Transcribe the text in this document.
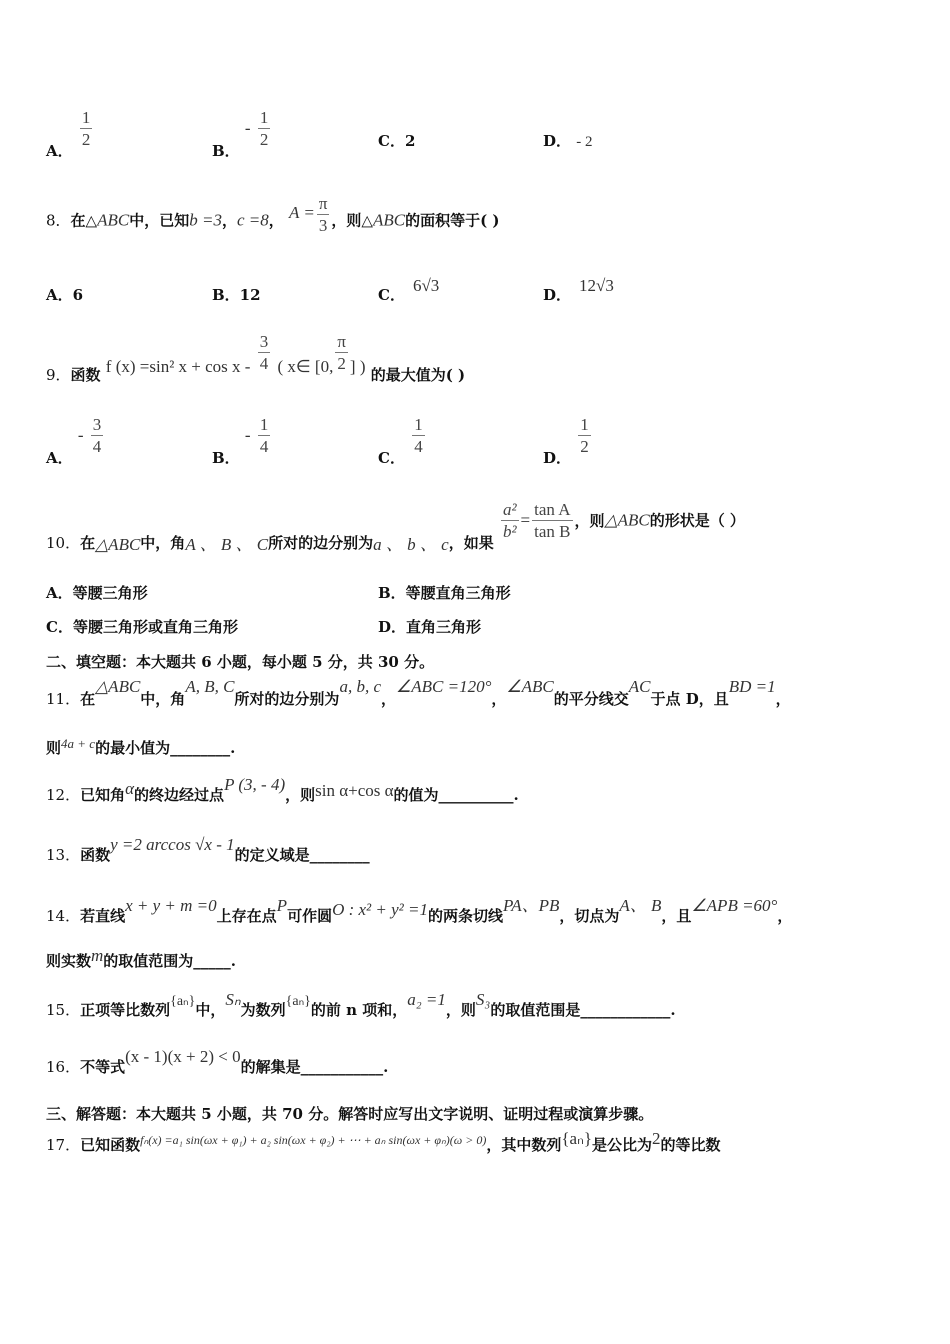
A． $\frac{1}{2}$	B． - $\frac{1}{2}$	C．2	D． - 2
8．在△ABC中，已知b =3，c =8， $A = \frac{\pi}{3}$ ，则△ABC的面积等于( )
A．6	B．12	C． 6√3	D． 12√3
9．函数 f (x) =sin² $x + \cos x - \frac{3}{4}$ ( x∈ [0, $\frac{\pi}{2}$ ] ) 的最大值为( )
A． - $\frac{3}{4}$	B． - $\frac{1}{4}$	C． $\frac{1}{4}$	D． $\frac{1}{2}$
10．在△ABC中，角A 、 B 、 C所对的边分别为a 、 b 、 c，如果 $\frac{\text{a²}}{\text{b²}} = \frac{\text{tan A}}{\text{tan B}}$ ，则△ABC的形状是（ ）
A．等腰三角形	B．等腰直角三角形
C．等腰三角形或直角三角形	D．直角三角形
二、填空题：本大题共 6 小题，每小题 5 分，共 30 分。
11．在△ABC中，角A, B, C所对的边分别为a, b, c，∠ABC =120°，∠ABC的平分线交AC于点 D，且BD =1，
则4a + c的最小值为________.
12．已知角α的终边经过点P (3, - 4)，则sin α+cos α的值为__________.
13．函数y =2 arccos √x - 1的定义域是________
14．若直线x + y + m =0上存在点P可作圆O : x² + y² =1的两条切线PA、PB，切点为A、 B，且∠APB =60°，
则实数m的取值范围为_____.
15．正项等比数列{aₙ}中，Sₙ为数列{aₙ}的前 n 项和，a₂ =1，则S₃的取值范围是____________.
16．不等式(x - 1)(x + 2) < 0的解集是___________.
三、解答题：本大题共 5 小题，共 70 分。解答时应写出文字说明、证明过程或演算步骤。
17．已知函数fₙ(x) =a₁ sin(ωx + φ₁) + a₂ sin(ωx + φ₂) + ⋯ + aₙ sin(ωx + φₙ)(ω > 0)，其中数列{aₙ}是公比为2的等比数
